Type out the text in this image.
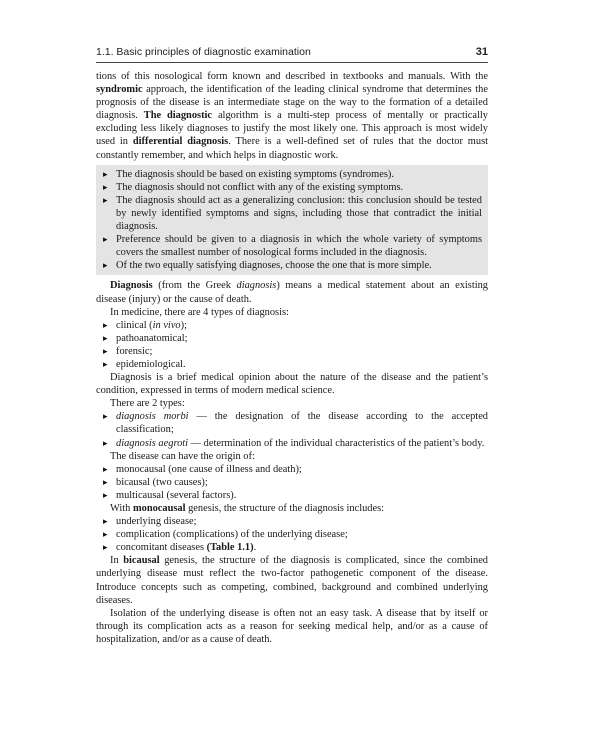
1.1. Basic principles of diagnostic examination	31

tions of this nosological form known and described in textbooks and manuals. With the syndromic approach, the identification of the leading clinical syndrome that determines the prognosis of the disease is an intermediate stage on the way to the formation of a detailed diagnosis. The diagnostic algorithm is a multi-step process of mentally or practically excluding less likely diagnoses to justify the most likely one. This approach is most widely used in differential diagnosis. There is a well-defined set of rules that the doctor must constantly remember, and which helps in diagnostic work.

▸ The diagnosis should be based on existing symptoms (syndromes).
▸ The diagnosis should not conflict with any of the existing symptoms.
▸ The diagnosis should act as a generalizing conclusion: this conclusion should be tested by newly identified symptoms and signs, including those that contradict the initial diagnosis.
▸ Preference should be given to a diagnosis in which the whole variety of symptoms covers the smallest number of nosological forms included in the diagnosis.
▸ Of the two equally satisfying diagnoses, choose the one that is more simple.

Diagnosis (from the Greek diagnosis) means a medical statement about an existing disease (injury) or the cause of death.

In medicine, there are 4 types of diagnosis:

▸ clinical (in vivo);
▸ pathoanatomical;
▸ forensic;
▸ epidemiological.

Diagnosis is a brief medical opinion about the nature of the disease and the patient’s condition, expressed in terms of modern medical science.

There are 2 types:

▸ diagnosis morbi — the designation of the disease according to the accepted classification;
▸ diagnosis aegroti — determination of the individual characteristics of the patient’s body.

The disease can have the origin of:

▸ monocausal (one cause of illness and death);
▸ bicausal (two causes);
▸ multicausal (several factors).

With monocausal genesis, the structure of the diagnosis includes:

▸ underlying disease;
▸ complication (complications) of the underlying disease;
▸ concomitant diseases (Table 1.1).

In bicausal genesis, the structure of the diagnosis is complicated, since the combined underlying disease must reflect the two-factor pathogenetic component of the disease. Introduce concepts such as competing, combined, background and combined underlying diseases.

Isolation of the underlying disease is often not an easy task. A disease that by itself or through its complication acts as a reason for seeking medical help, and/or as a cause of hospitalization, and/or as a cause of death.
